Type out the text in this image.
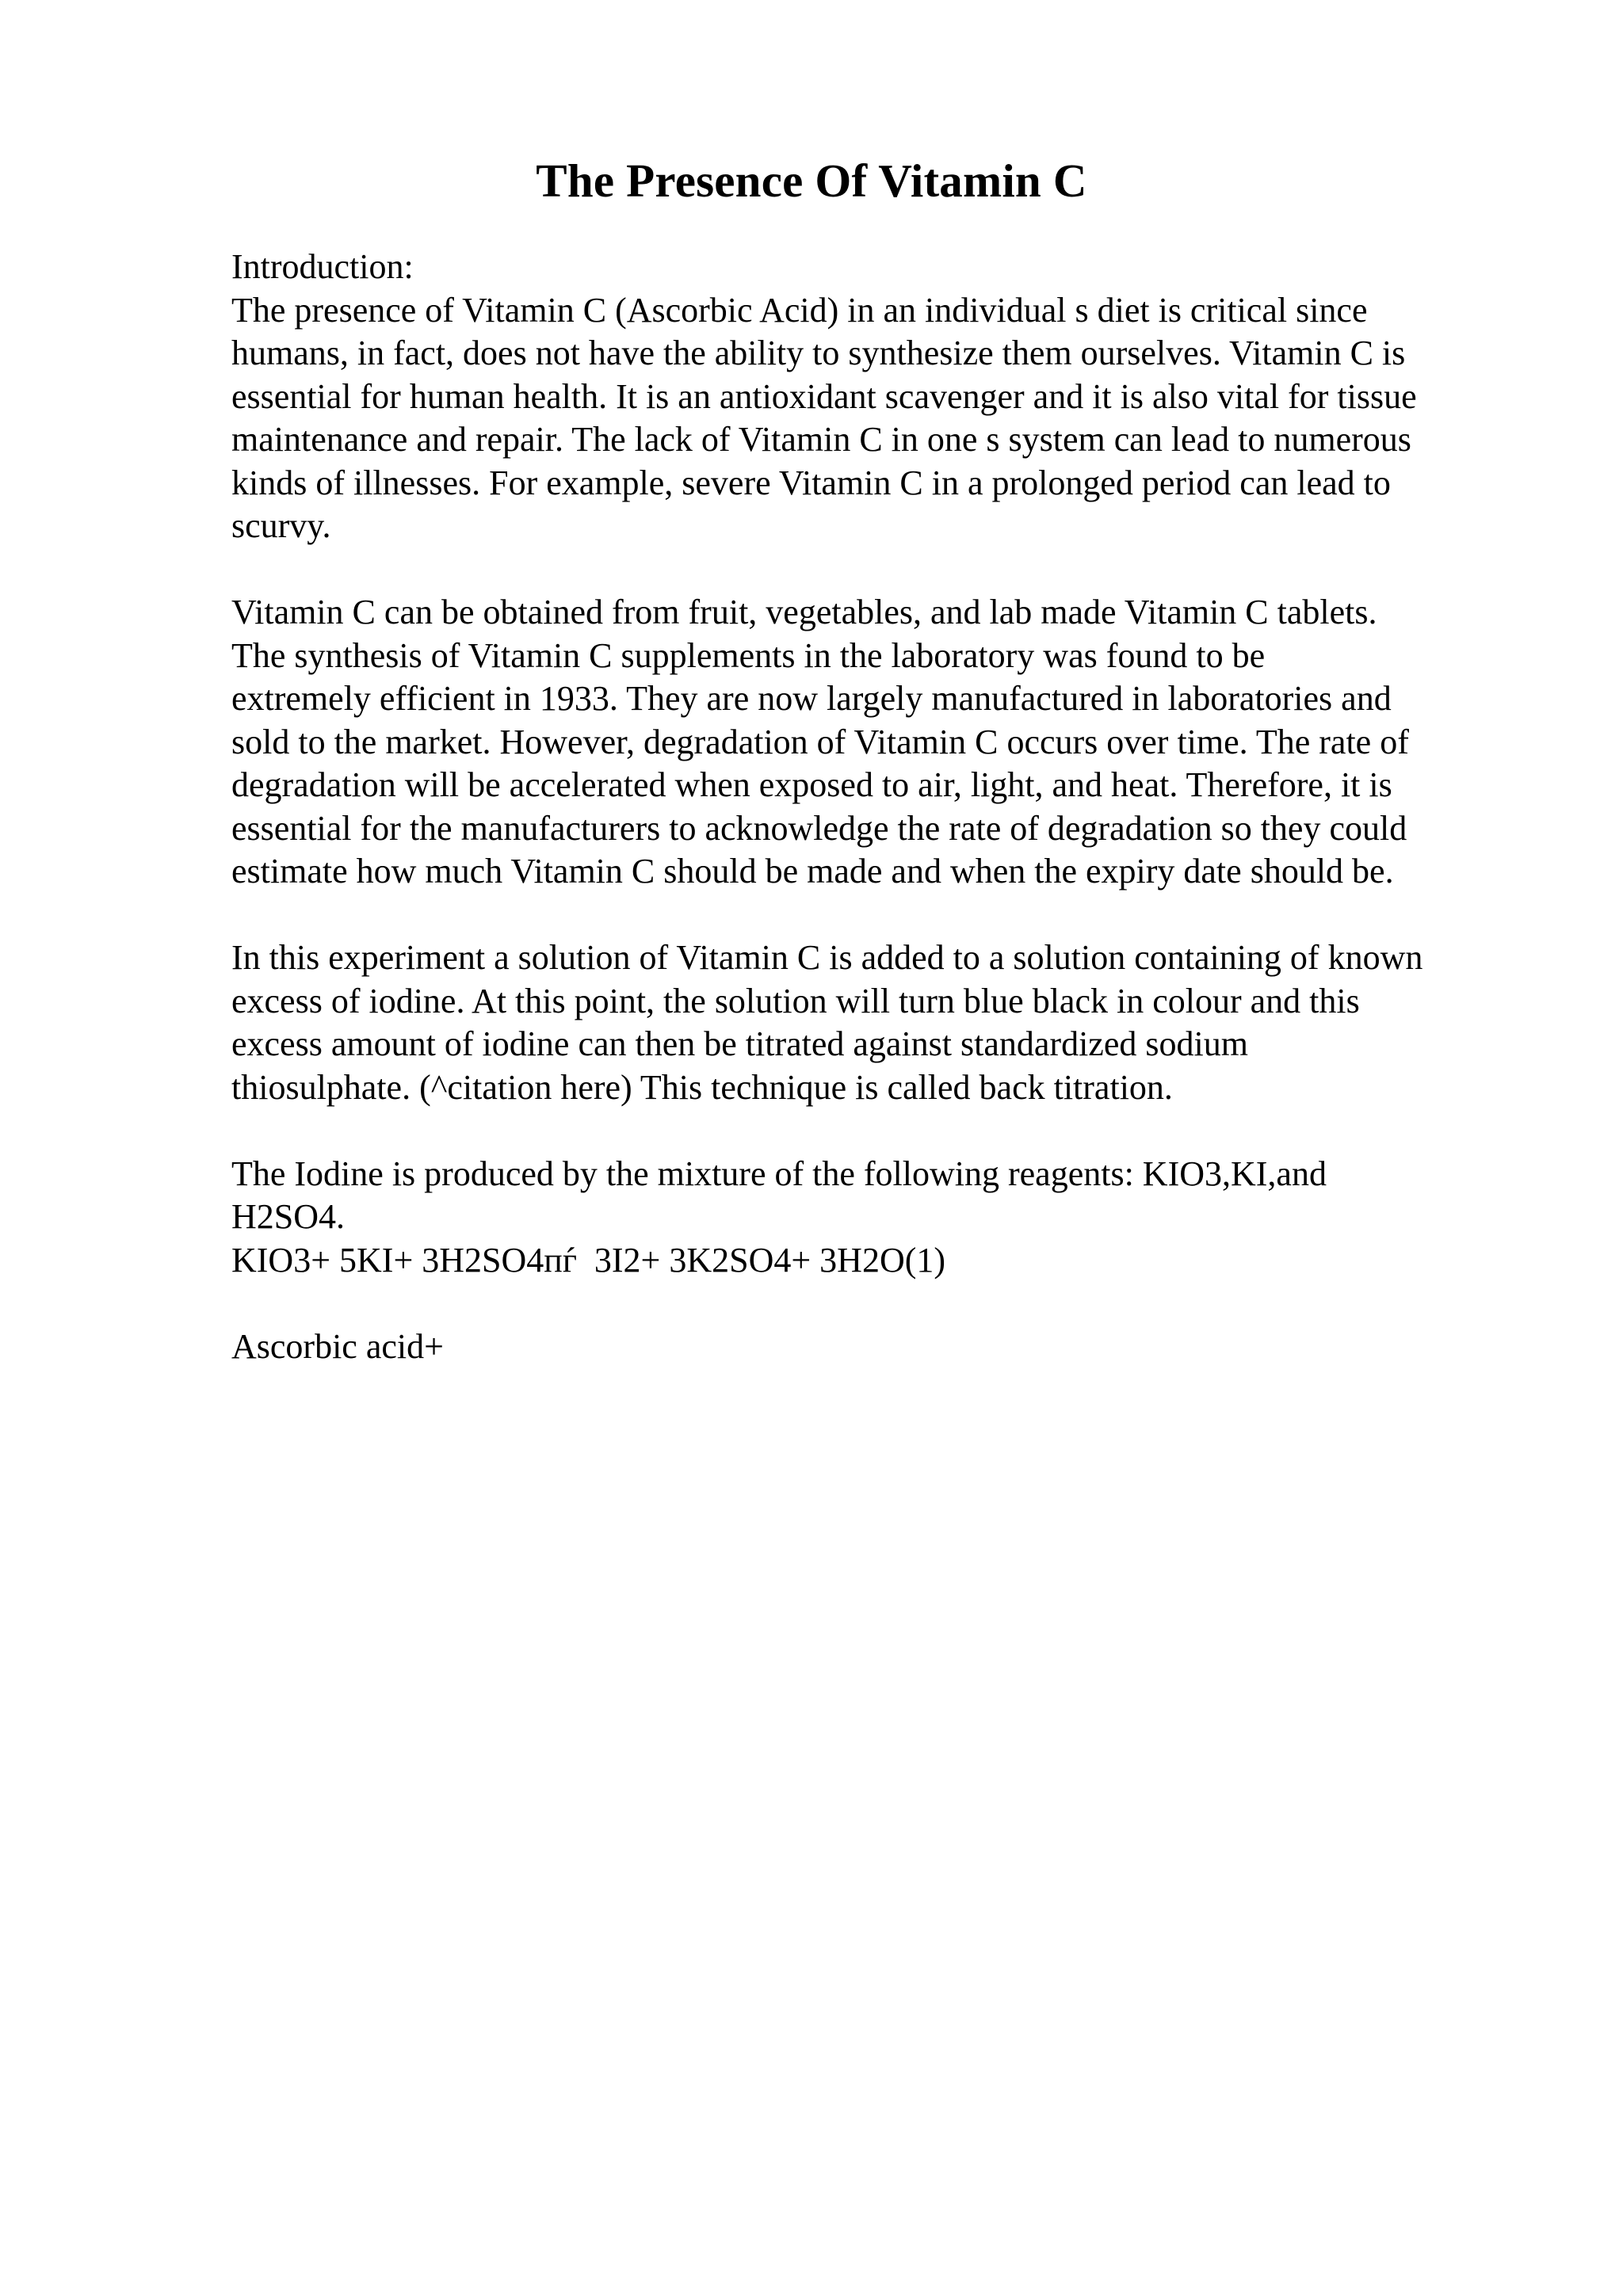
The Presence Of Vitamin C
Introduction:
The presence of Vitamin C (Ascorbic Acid) in an individual s diet is critical since
humans, in fact, does not have the ability to synthesize them ourselves. Vitamin C is
essential for human health. It is an antioxidant scavenger and it is also vital for tissue
maintenance and repair. The lack of Vitamin C in one s system can lead to numerous
kinds of illnesses. For example, severe Vitamin C in a prolonged period can lead to
scurvy.
Vitamin C can be obtained from fruit, vegetables, and lab made Vitamin C tablets.
The synthesis of Vitamin C supplements in the laboratory was found to be
extremely efficient in 1933. They are now largely manufactured in laboratories and
sold to the market. However, degradation of Vitamin C occurs over time. The rate of
degradation will be accelerated when exposed to air, light, and heat. Therefore, it is
essential for the manufacturers to acknowledge the rate of degradation so they could
estimate how much Vitamin C should be made and when the expiry date should be.
In this experiment a solution of Vitamin C is added to a solution containing of known
excess of iodine. At this point, the solution will turn blue black in colour and this
excess amount of iodine can then be titrated against standardized sodium
thiosulphate. (^citation here) This technique is called back titration.
The Iodine is produced by the mixture of the following reagents: KIO3,KI,and
H2SO4.
KIO3+ 5KI+ 3H2SO4пѓ  3I2+ 3K2SO4+ 3H2O(1)
Ascorbic acid+
